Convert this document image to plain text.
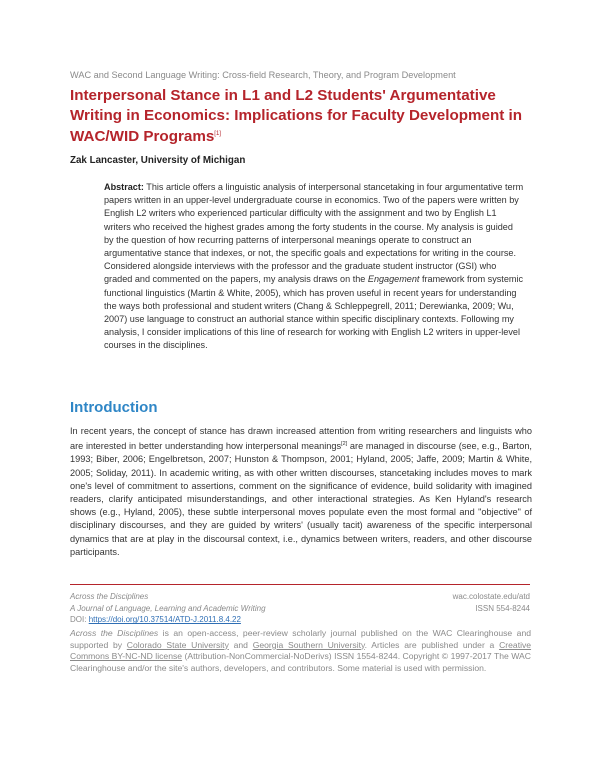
WAC and Second Language Writing: Cross-field Research, Theory, and Program Development
Interpersonal Stance in L1 and L2 Students' Argumentative Writing in Economics: Implications for Faculty Development in WAC/WID Programs[1]
Zak Lancaster, University of Michigan
Abstract: This article offers a linguistic analysis of interpersonal stancetaking in four argumentative term papers written in an upper-level undergraduate course in economics. Two of the papers were written by English L2 writers who experienced particular difficulty with the assignment and two by English L1 writers who received the highest grades among the forty students in the course. My analysis is guided by the question of how recurring patterns of interpersonal meanings operate to construct an argumentative stance that indexes, or not, the specific goals and expectations for writing in the course. Considered alongside interviews with the professor and the graduate student instructor (GSI) who graded and commented on the papers, my analysis draws on the Engagement framework from systemic functional linguistics (Martin & White, 2005), which has proven useful in recent years for understanding the ways both professional and student writers (Chang & Schleppegrell, 2011; Derewianka, 2009; Wu, 2007) use language to construct an authorial stance within specific disciplinary contexts. Following my analysis, I consider implications of this line of research for working with English L2 writers in upper-level courses in the disciplines.
Introduction
In recent years, the concept of stance has drawn increased attention from writing researchers and linguists who are interested in better understanding how interpersonal meanings[2] are managed in discourse (see, e.g., Barton, 1993; Biber, 2006; Engelbretson, 2007; Hunston & Thompson, 2001; Hyland, 2005; Jaffe, 2009; Martin & White, 2005; Soliday, 2011). In academic writing, as with other written discourses, stancetaking includes moves to mark one's level of commitment to assertions, comment on the significance of evidence, build solidarity with imagined readers, clarify anticipated misunderstandings, and other interactional strategies. As Ken Hyland's research shows (e.g., Hyland, 2005), these subtle interpersonal moves populate even the most formal and "objective" of disciplinary discourses, and they are guided by writers' (usually tacit) awareness of the specific interpersonal dynamics that are at play in the discoursal context, i.e., dynamics between writers, readers, and other discourse participants.
Across the Disciplines
A Journal of Language, Learning and Academic Writing
DOI: https://doi.org/10.37514/ATD-J.2011.8.4.22
wac.colostate.edu/atd
ISSN 554-8244
Across the Disciplines is an open-access, peer-review scholarly journal published on the WAC Clearinghouse and supported by Colorado State University and Georgia Southern University. Articles are published under a Creative Commons BY-NC-ND license (Attribution-NonCommercial-NoDerivs) ISSN 1554-8244. Copyright © 1997-2017 The WAC Clearinghouse and/or the site's authors, developers, and contributors. Some material is used with permission.
